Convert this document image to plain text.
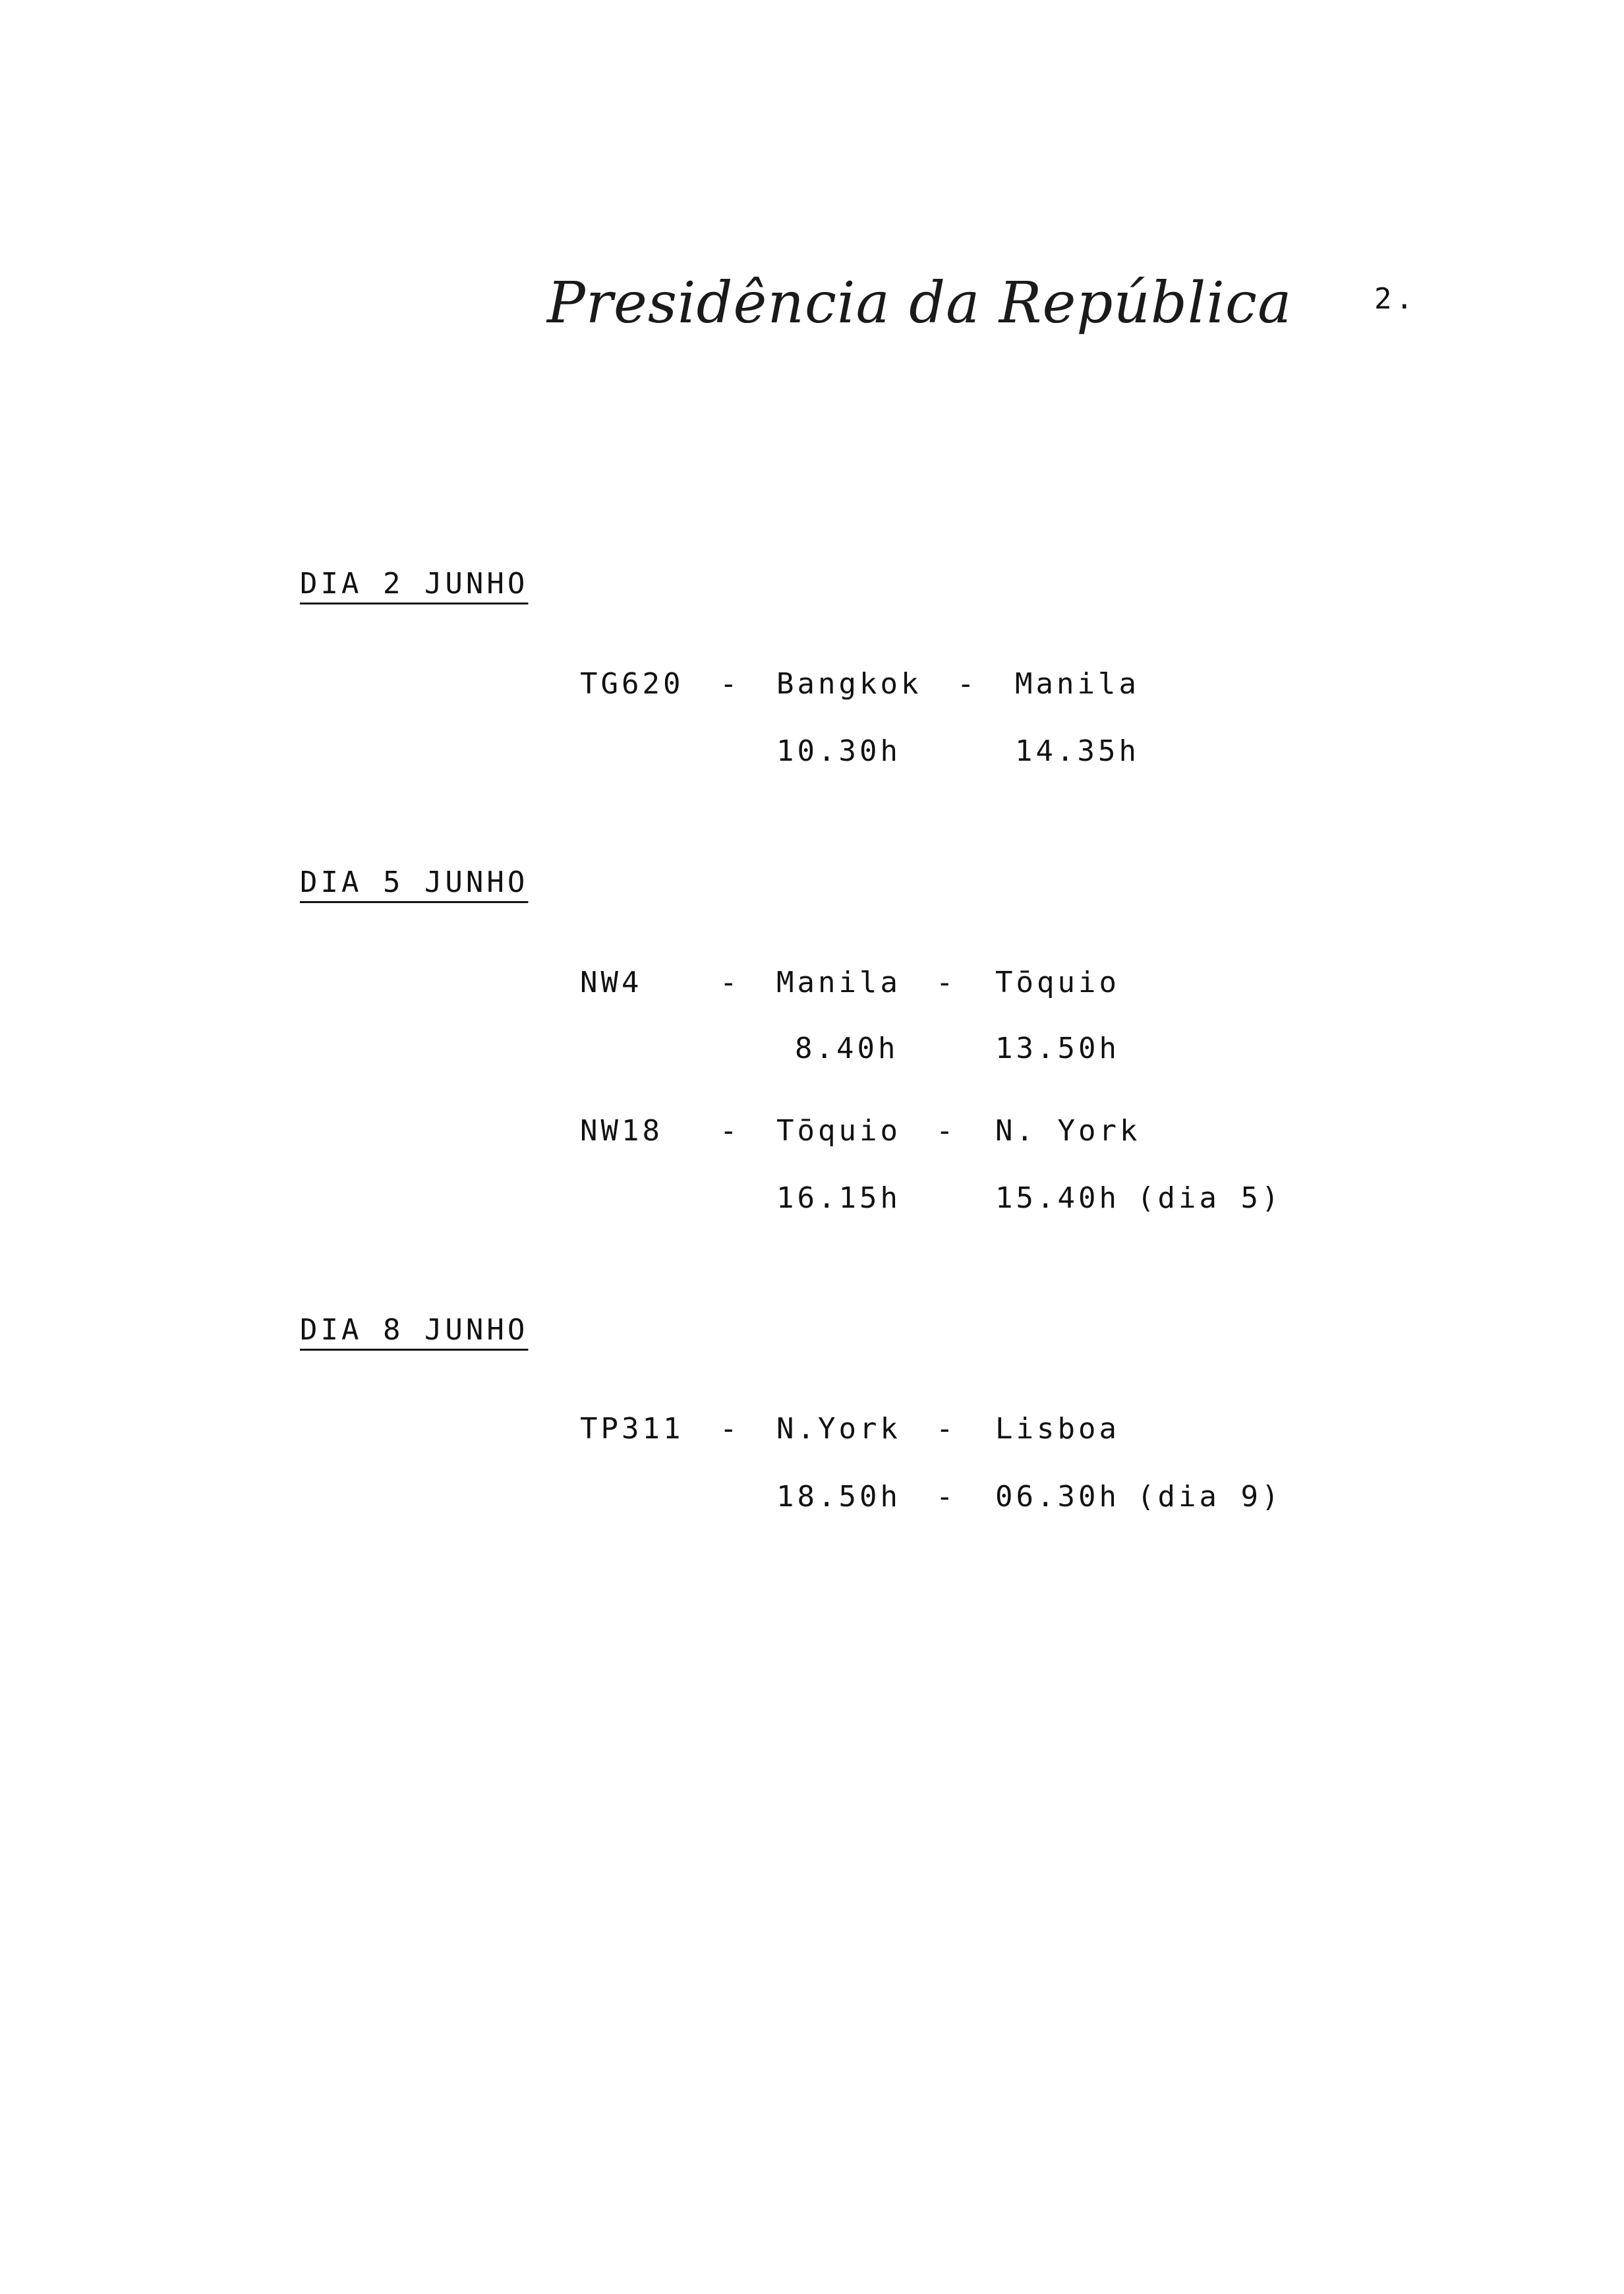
Presidência da República	2.
DIA 2 JUNHO
TG620 - Bangkok - Manila
10.30h	14.35h
DIA 5 JUNHO
NW4	- Manila - Tōquio
8.40h	13.50h
NW18 - Tōquio - N. York
16.15h	15.40h (dia 5)
DIA 8 JUNHO
TP311 - N.York - Lisboa
18.50h - 06.30h (dia 9)
